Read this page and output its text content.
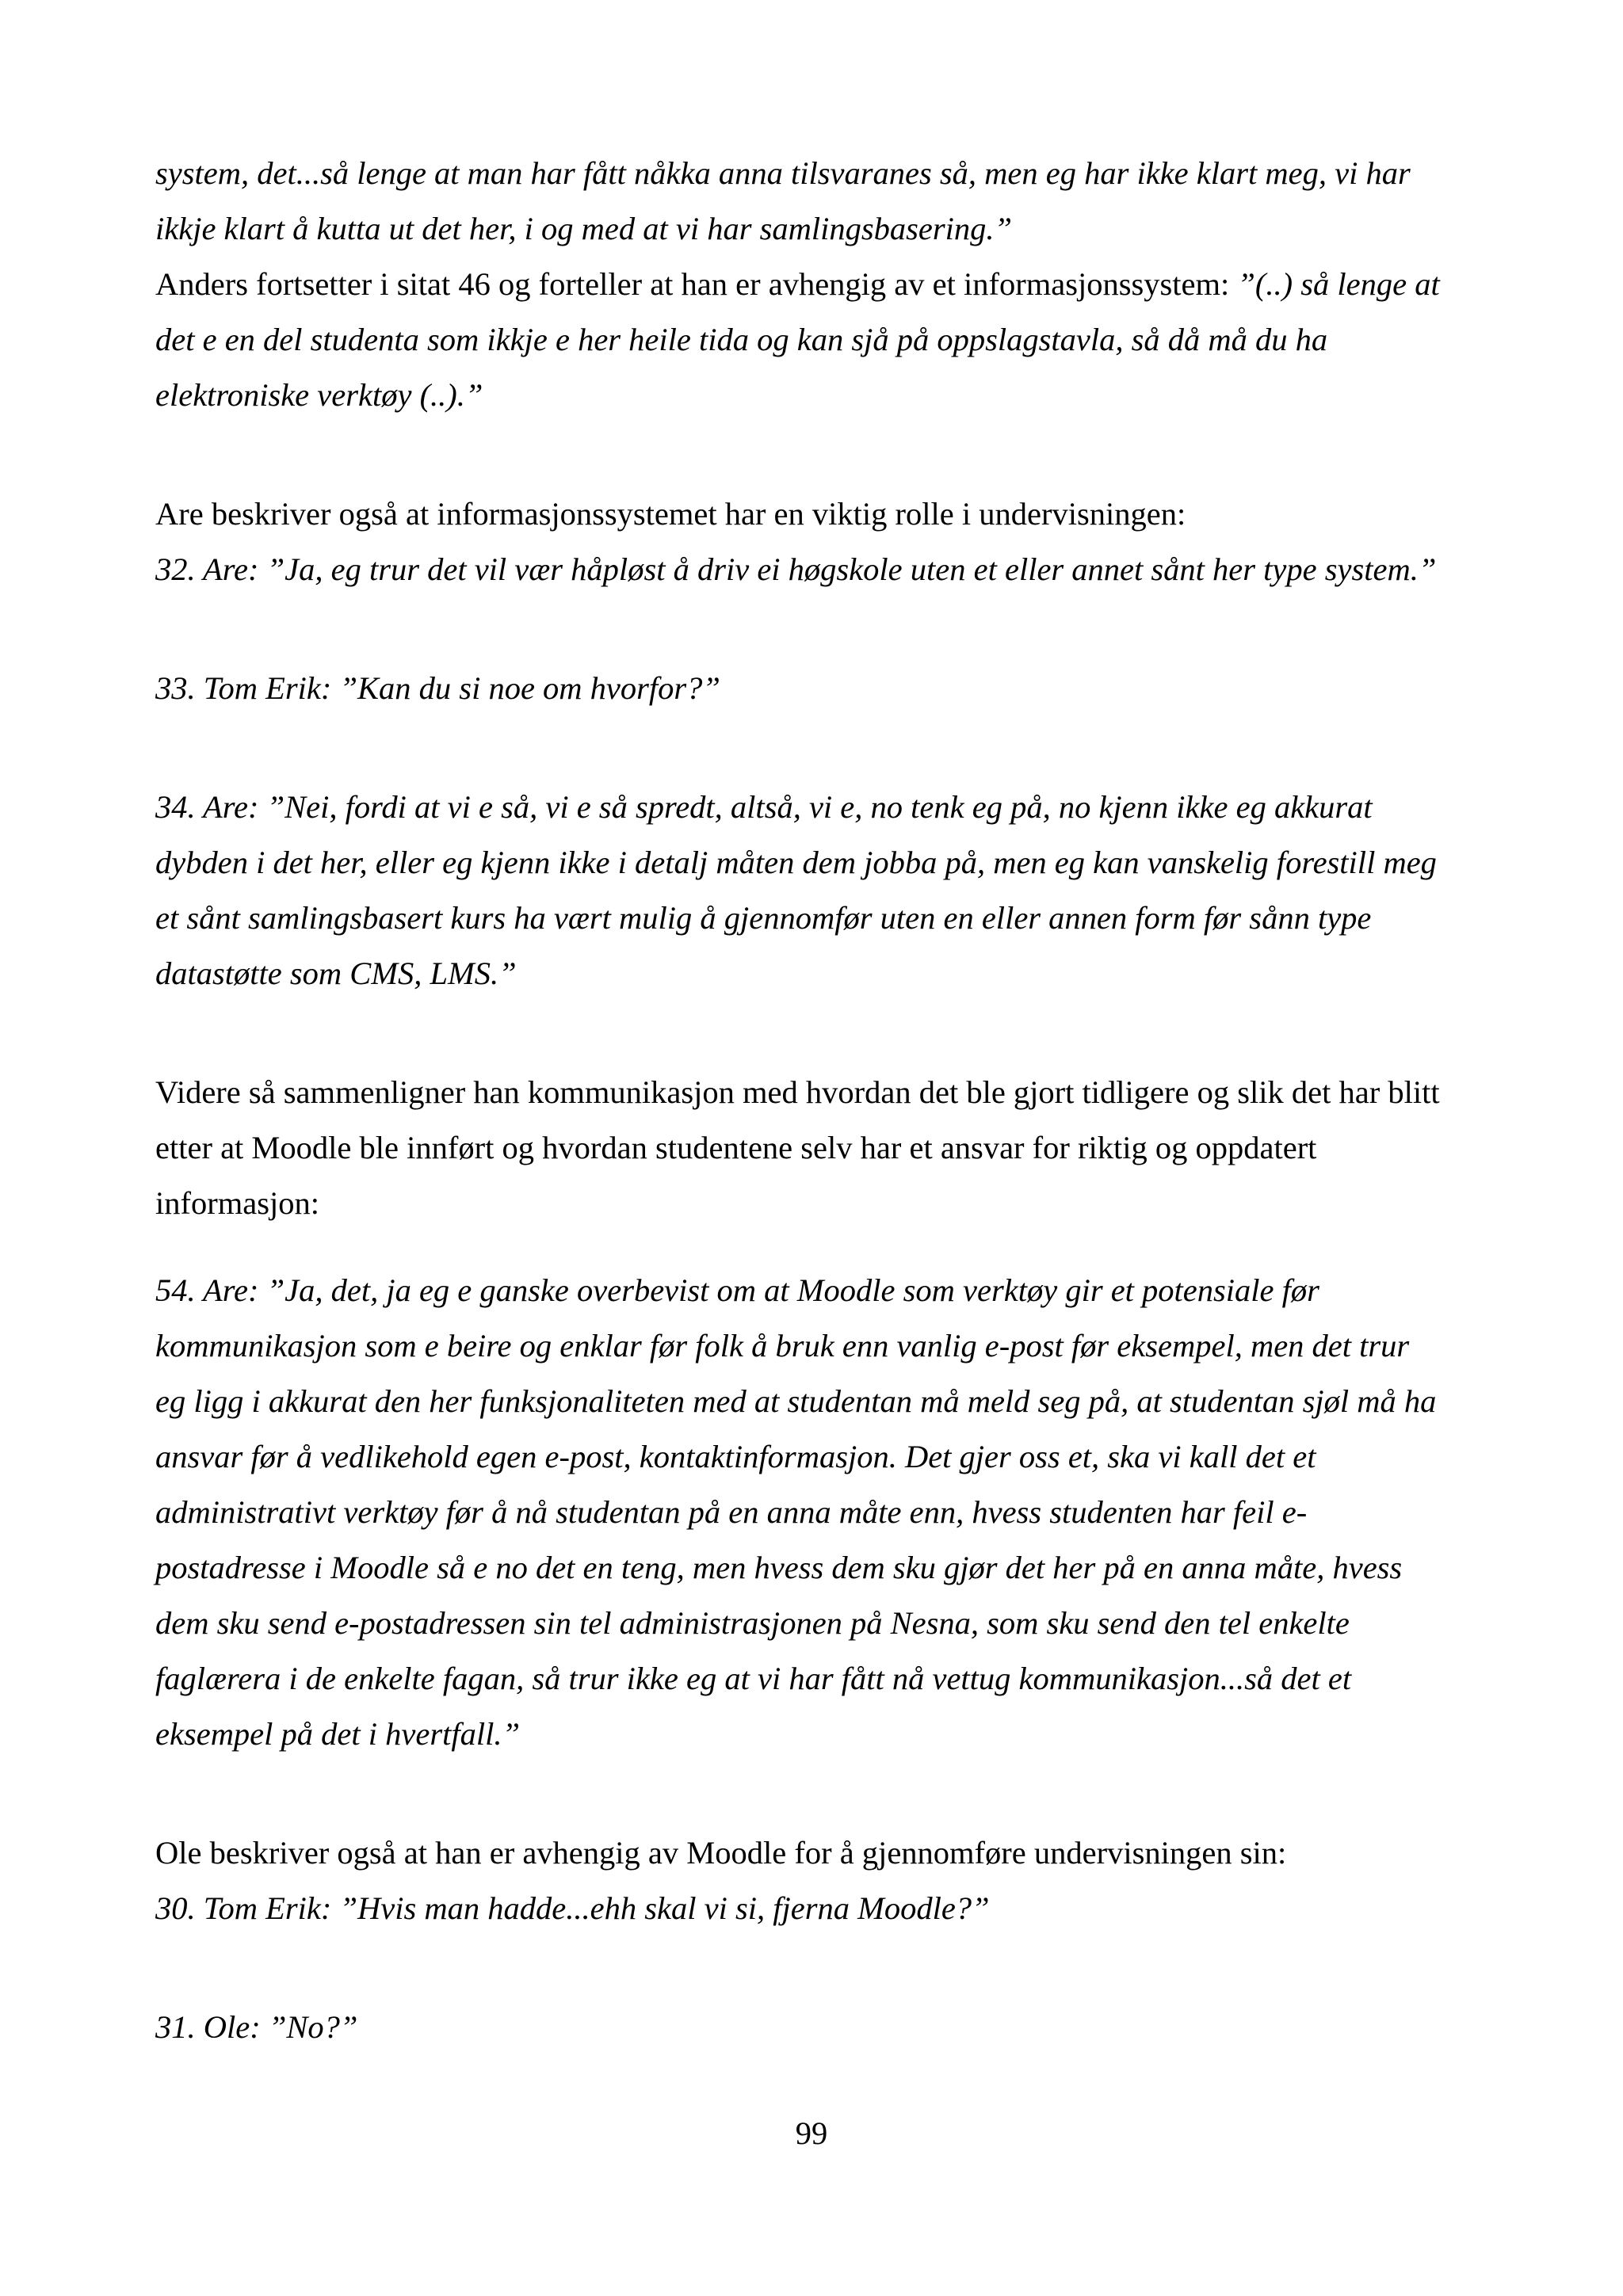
system, det...så lenge at man har fått nåkka anna tilsvaranes så, men eg har ikke klart meg, vi har

ikkje klart å kutta ut det her, i og med at vi har samlingsbasering.”

Anders fortsetter i sitat 46 og forteller at han er avhengig av et informasjonssystem: ”(..) så lenge at

det e en del studenta som ikkje e her heile tida og kan sjå på oppslagstavla, så då må du ha

elektroniske verktøy (..).”

Are beskriver også at informasjonssystemet har en viktig rolle i undervisningen:

32. Are: ”Ja, eg trur det vil vær håpløst å driv ei høgskole uten et eller annet sånt her type system.”

33. Tom Erik: ”Kan du si noe om hvorfor?”

34. Are: ”Nei, fordi at vi e så, vi e så spredt, altså, vi e, no tenk eg på, no kjenn ikke eg akkurat

dybden i det her, eller eg kjenn ikke i detalj måten dem jobba på, men eg kan vanskelig forestill meg

et sånt samlingsbasert kurs ha vært mulig å gjennomfør uten en eller annen form før sånn type

datastøtte som CMS, LMS.”

Videre så sammenligner han kommunikasjon med hvordan det ble gjort tidligere og slik det har blitt

etter at Moodle ble innført og hvordan studentene selv har et ansvar for riktig og oppdatert

informasjon:

54. Are: ”Ja, det, ja eg e ganske overbevist om at Moodle som verktøy gir et potensiale før

kommunikasjon som e beire og enklar før folk å bruk enn vanlig e-post før eksempel, men det trur

eg ligg i akkurat den her funksjonaliteten med at studentan må meld seg på, at studentan sjøl må ha

ansvar før å vedlikehold egen e-post, kontaktinformasjon. Det gjer oss et, ska vi kall det et

administrativt verktøy før å nå studentan på en anna måte enn, hvess studenten har feil e-

postadresse i Moodle så e no det en teng, men hvess dem sku gjør det her på en anna måte, hvess

dem sku send e-postadressen sin tel administrasjonen på Nesna, som sku send den tel enkelte

faglærera i de enkelte fagan, så trur ikke eg at vi har fått nå vettug kommunikasjon...så det et

eksempel på det i hvertfall.”

Ole beskriver også at han er avhengig av Moodle for å gjennomføre undervisningen sin:

30. Tom Erik: ”Hvis man hadde...ehh skal vi si, fjerna Moodle?”

31. Ole: ”No?”

99
